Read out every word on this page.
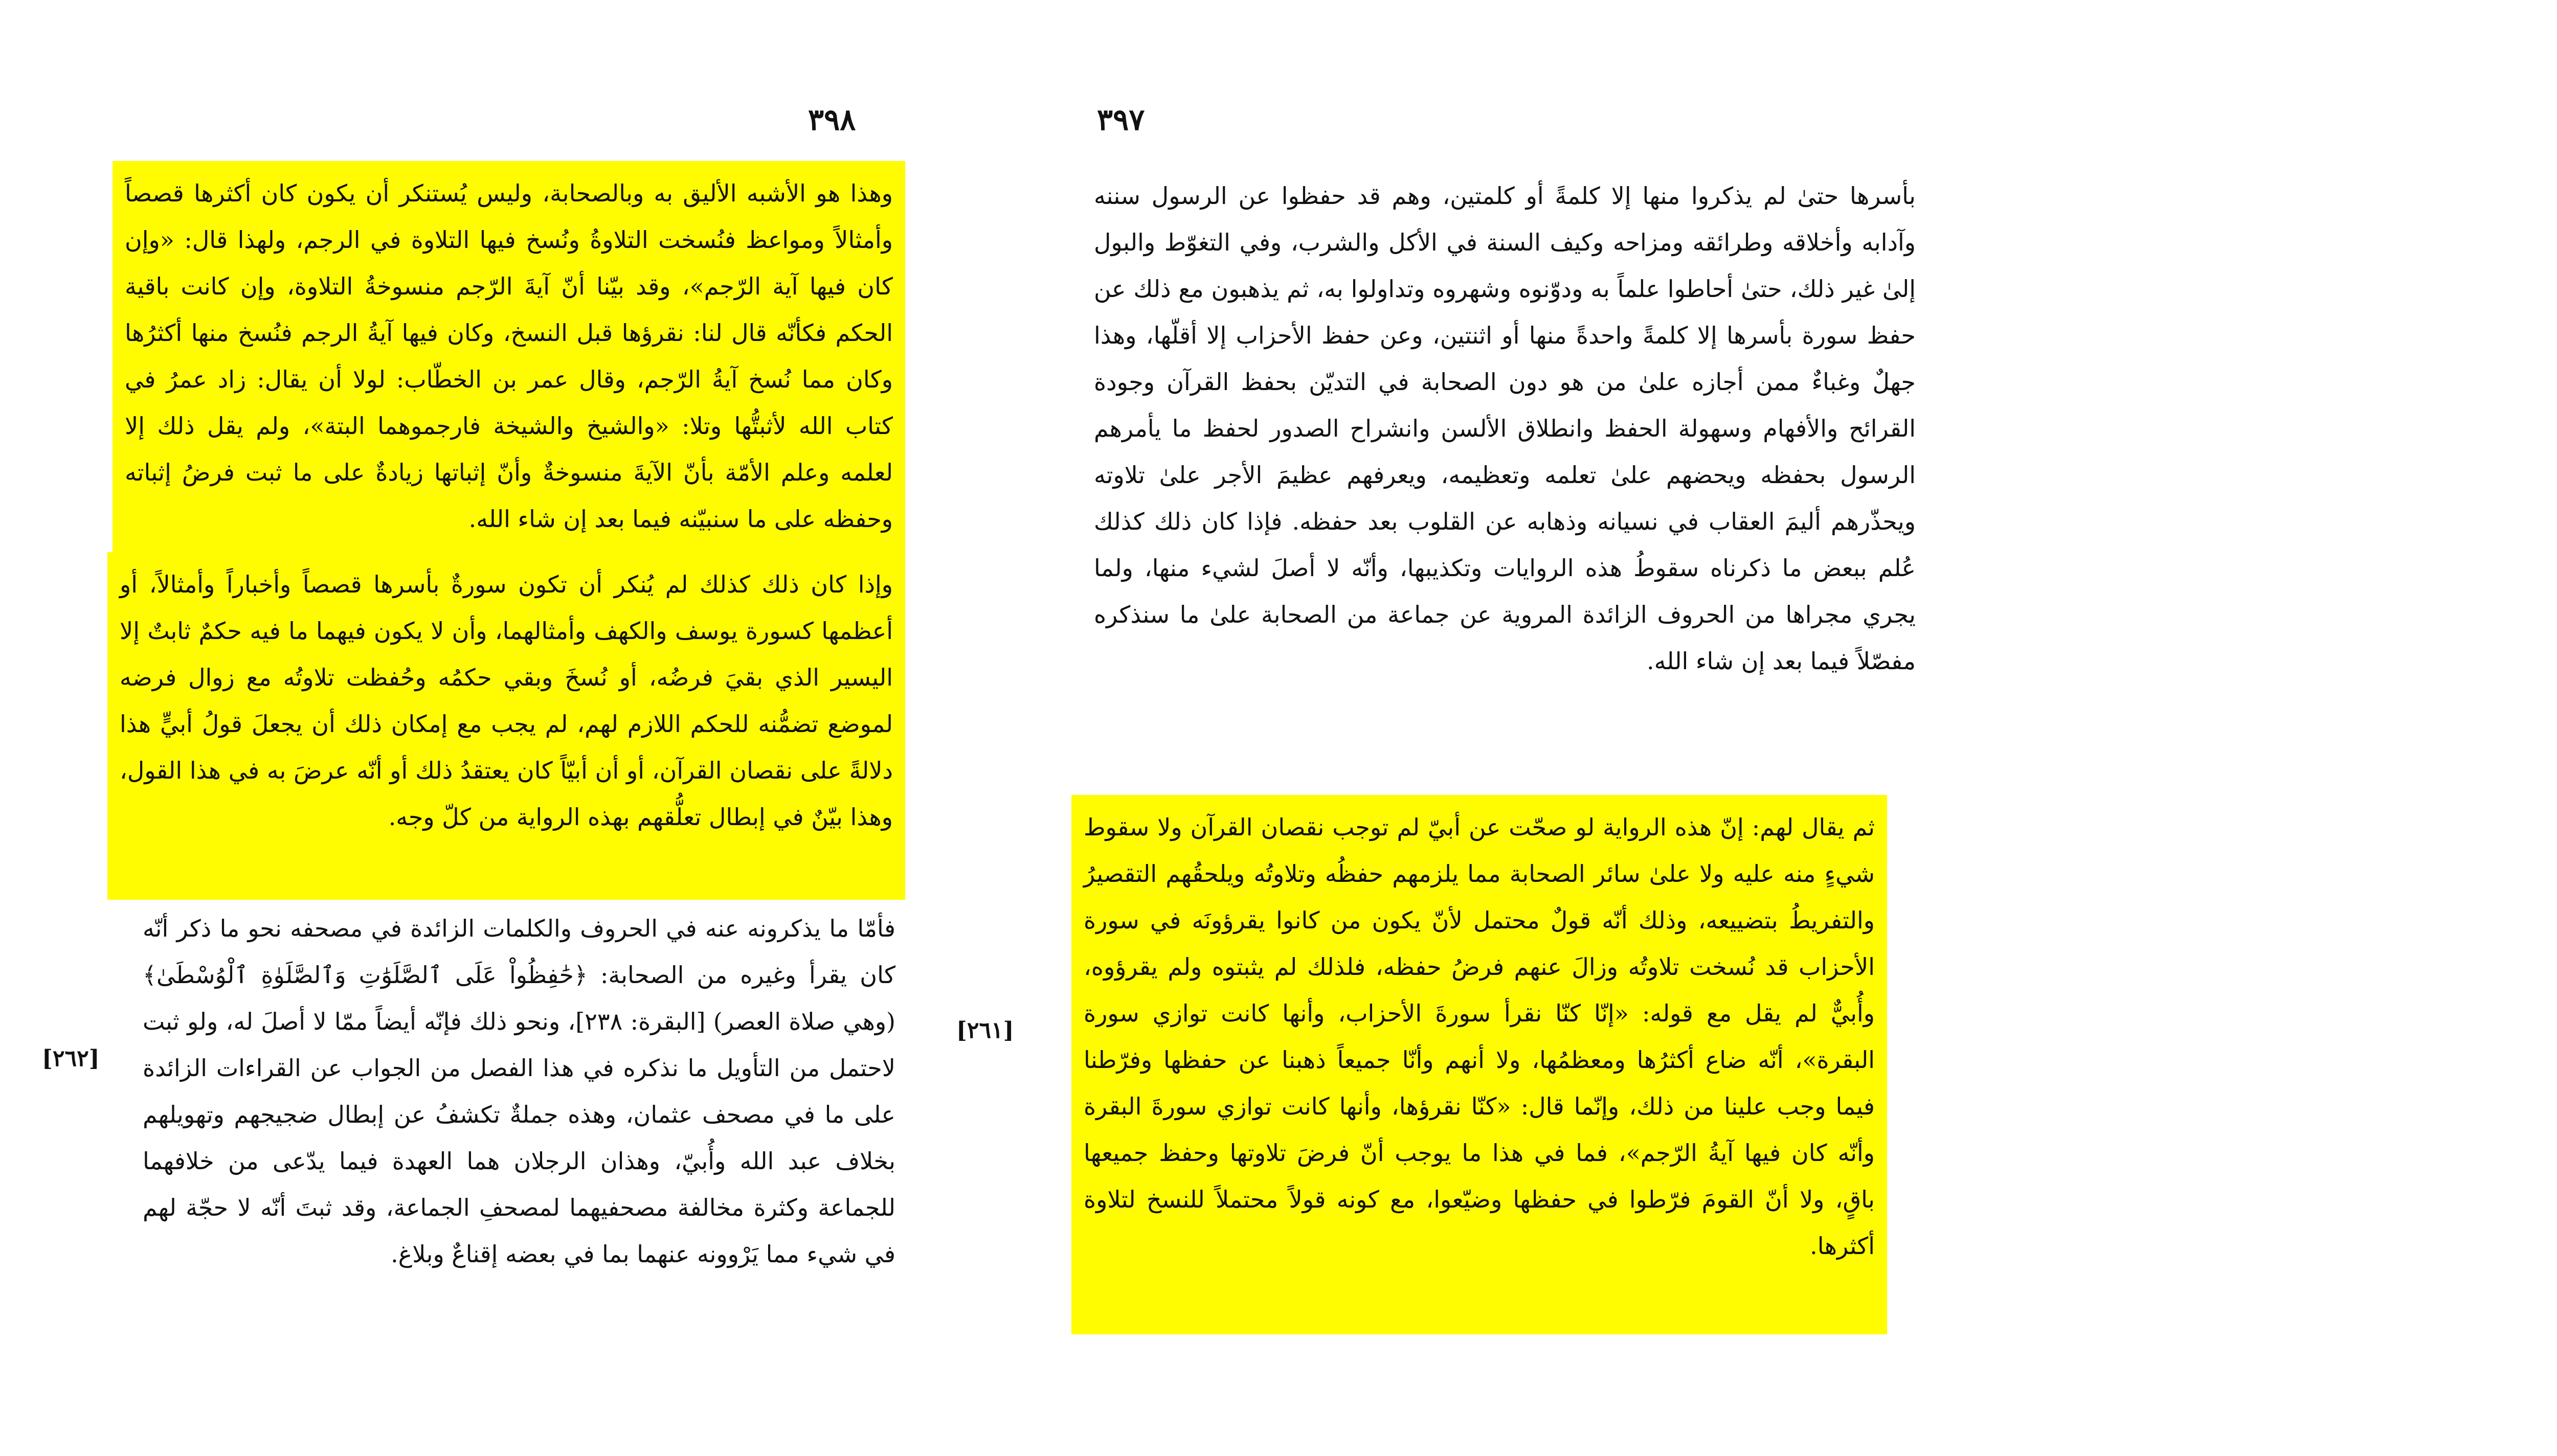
٣٩٨
وهذا هو الأشبه الأليق به وبالصحابة، وليس يُستنكر أن يكون كان أكثرها قصصاً وأمثالاً ومواعظ فنُسخت التلاوةُ ونُسخ فيها التلاوة في الرجم، ولهذا قال: «وإن كان فيها آية الرّجم»، وقد بيّنا أنّ آيةَ الرّجم منسوخةُ التلاوة، وإن كانت باقية الحكم فكأنّه قال لنا: نقرؤها قبل النسخ، وكان فيها آيةُ الرجم فنُسخ منها أكثرُها وكان مما نُسخ آيةُ الرّجم، وقال عمر بن الخطّاب: لولا أن يقال: زاد عمرُ في كتاب الله لأثبتُّها وتلا: «والشيخ والشيخة فارجموهما البتة»، ولم يقل ذلك إلا لعلمه وعلم الأمّة بأنّ الآيةَ منسوخةٌ وأنّ إثباتها زيادةٌ على ما ثبت فرضُ إثباته وحفظه على ما سنبيّنه فيما بعد إن شاء الله.
وإذا كان ذلك كذلك لم يُنكر أن تكون سورةٌ بأسرها قصصاً وأخباراً وأمثالاً، أو أعظمها كسورة يوسف والكهف وأمثالهما، وأن لا يكون فيهما ما فيه حكمٌ ثابتٌ إلا اليسير الذي بقيَ فرضُه، أو نُسخَ وبقي حكمُه وحُفظت تلاوتُه مع زوال فرضه لموضع تضمُّنه للحكم اللازم لهم، لم يجب مع إمكان ذلك أن يجعلَ قولُ أبيٍّ هذا دلالةً على نقصان القرآن، أو أن أبيّاً كان يعتقدُ ذلك أو أنّه عرضَ به في هذا القول، وهذا بيّنٌ في إبطال تعلُّقهم بهذه الرواية من كلّ وجه.
[٢٦٢]
فأمّا ما يذكرونه عنه في الحروف والكلمات الزائدة في مصحفه نحو ما ذكر أنّه كان يقرأ وغيره من الصحابة: ﴿حَٰفِظُواْ عَلَى ٱلصَّلَوَٰتِ وَٱلصَّلَوٰةِ ٱلْوُسْطَىٰ﴾ (وهي صلاة العصر) [البقرة: ٢٣٨]، ونحو ذلك فإنّه أيضاً ممّا لا أصلَ له، ولو ثبت لاحتمل من التأويل ما نذكره في هذا الفصل من الجواب عن القراءات الزائدة على ما في مصحف عثمان، وهذه جملةٌ تكشفُ عن إبطال ضجيجهم وتهويلهم بخلاف عبد الله وأُبيّ، وهذان الرجلان هما العهدة فيما يدّعى من خلافهما للجماعة وكثرة مخالفة مصحفيهما لمصحفِ الجماعة، وقد ثبتَ أنّه لا حجّة لهم في شيء مما يَرْوونه عنهما بما في بعضه إقناعٌ وبلاغ.
٣٩٧
بأسرها حتىٰ لم يذكروا منها إلا كلمةً أو كلمتين، وهم قد حفظوا عن الرسول سننه وآدابه وأخلاقه وطرائقه ومزاحه وكيف السنة في الأكل والشرب، وفي التغوّط والبول إلىٰ غير ذلك، حتىٰ أحاطوا علماً به ودوّنوه وشهروه وتداولوا به، ثم يذهبون مع ذلك عن حفظ سورة بأسرها إلا كلمةً واحدةً منها أو اثنتين، وعن حفظ الأحزاب إلا أقلّها، وهذا جهلٌ وغباءٌ ممن أجازه علىٰ من هو دون الصحابة في التديّن بحفظ القرآن وجودة القرائح والأفهام وسهولة الحفظ وانطلاق الألسن وانشراح الصدور لحفظ ما يأمرهم الرسول بحفظه ويحضهم علىٰ تعلمه وتعظيمه، ويعرفهم عظيمَ الأجر علىٰ تلاوته ويحذّرهم أليمَ العقاب في نسيانه وذهابه عن القلوب بعد حفظه. فإذا كان ذلك كذلك عُلم ببعض ما ذكرناه سقوطُ هذه الروايات وتكذيبها، وأنّه لا أصلَ لشيء منها، ولما يجري مجراها من الحروف الزائدة المروية عن جماعة من الصحابة علىٰ ما سنذكره مفصّلاً فيما بعد إن شاء الله.
ثم يقال لهم: إنّ هذه الرواية لو صحّت عن أبيّ لم توجب نقصان القرآن ولا سقوط شيءٍ منه عليه ولا علىٰ سائر الصحابة مما يلزمهم حفظُه وتلاوتُه ويلحقُهم التقصيرُ والتفريطُ بتضييعه، وذلك أنّه قولٌ محتمل لأنّ يكون من كانوا يقرؤونَه في سورة الأحزاب قد نُسخت تلاوتُه وزالَ عنهم فرضُ حفظه، فلذلك لم يثبتوه ولم يقرؤوه، وأُبيٌّ لم يقل مع قوله: «إنّا كنّا نقرأ سورةَ الأحزاب، وأنها كانت توازي سورة البقرة»، أنّه ضاع أكثرُها ومعظمُها، ولا أنهم وأنّا جميعاً ذهبنا عن حفظها وفرّطنا فيما وجب علينا من ذلك، وإنّما قال: «كنّا نقرؤها، وأنها كانت توازي سورةَ البقرة وأنّه كان فيها آيةُ الرّجم»، فما في هذا ما يوجب أنّ فرضَ تلاوتها وحفظ جميعها باقٍ، ولا أنّ القومَ فرّطوا في حفظها وضيّعوا، مع كونه قولاً محتملاً للنسخ لتلاوة أكثرها.
[٢٦١]
